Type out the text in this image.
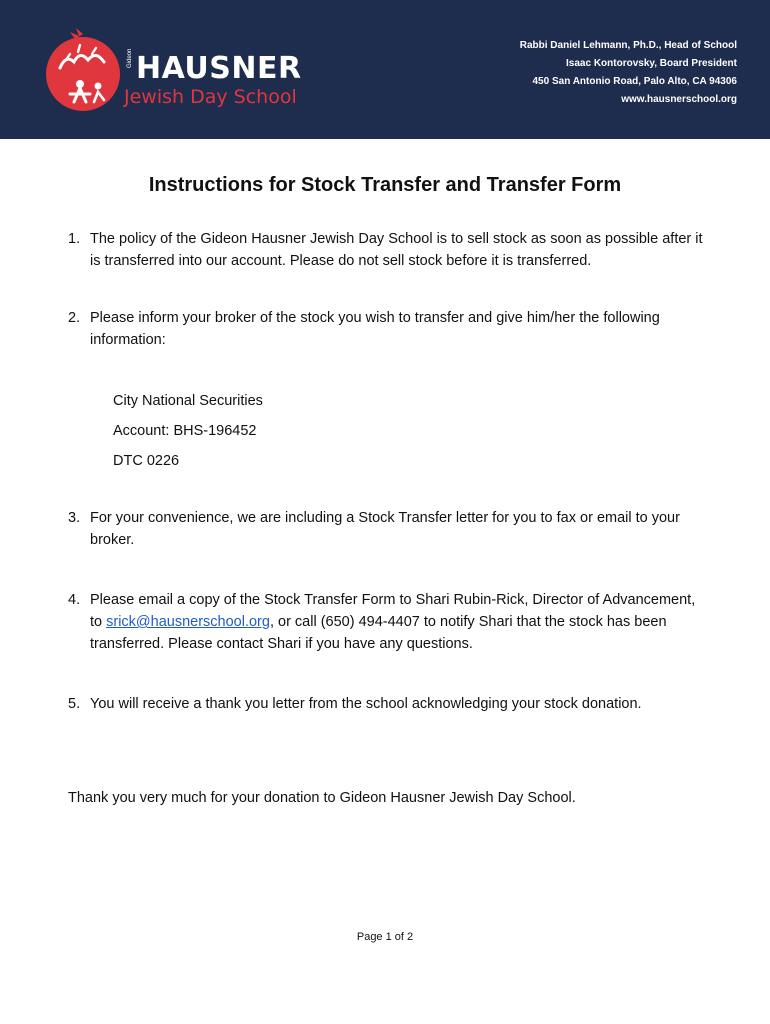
Gideon HAUSNER
Jewish Day School
Rabbi Daniel Lehmann, Ph.D., Head of School
Isaac Kontorovsky, Board President
450 San Antonio Road, Palo Alto, CA 94306
www.hausnerschool.org
Instructions for Stock Transfer and Transfer Form
1. The policy of the Gideon Hausner Jewish Day School is to sell stock as soon as possible after it is transferred into our account. Please do not sell stock before it is transferred.
2. Please inform your broker of the stock you wish to transfer and give him/her the following information:
City National Securities
Account: BHS-196452
DTC 0226
3. For your convenience, we are including a Stock Transfer letter for you to fax or email to your broker.
4. Please email a copy of the Stock Transfer Form to Shari Rubin-Rick, Director of Advancement, to srick@hausnerschool.org, or call (650) 494-4407 to notify Shari that the stock has been transferred. Please contact Shari if you have any questions.
5. You will receive a thank you letter from the school acknowledging your stock donation.
Thank you very much for your donation to Gideon Hausner Jewish Day School.
Page 1 of 2
